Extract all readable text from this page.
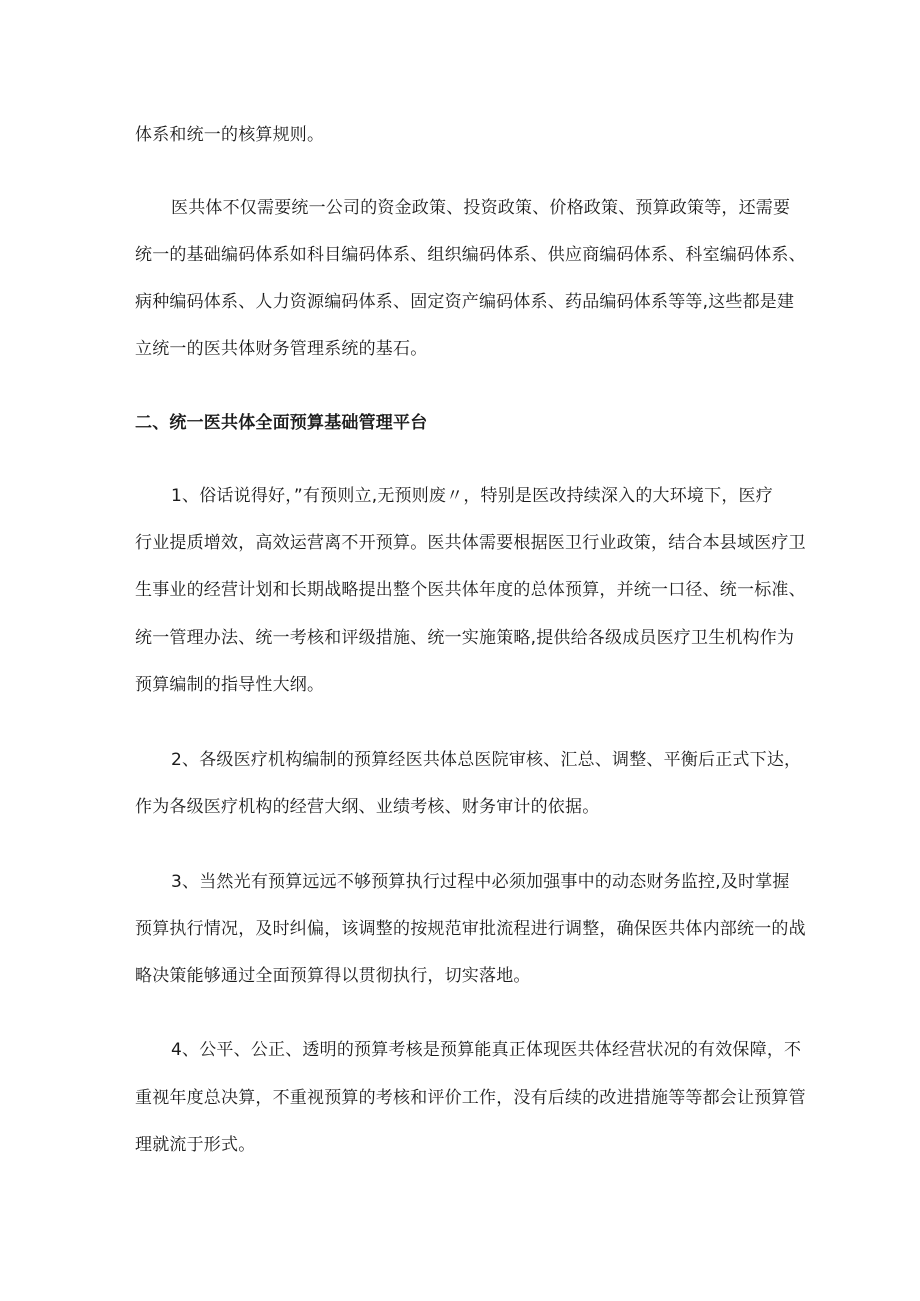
体系和统一的核算规则。
医共体不仅需要统一公司的资金政策、投资政策、价格政策、预算政策等，还需要
统一的基础编码体系如科目编码体系、组织编码体系、供应商编码体系、科室编码体系、
病种编码体系、人力资源编码体系、固定资产编码体系、药品编码体系等等,这些都是建
立统一的医共体财务管理系统的基石。
二、统一医共体全面预算基础管理平台
1、俗话说得好，”有预则立,无预则废〃，特别是医改持续深入的大环境下，医疗
行业提质增效，高效运营离不开预算。医共体需要根据医卫行业政策，结合本县域医疗卫
生事业的经营计划和长期战略提出整个医共体年度的总体预算，并统一口径、统一标准、
统一管理办法、统一考核和评级措施、统一实施策略,提供给各级成员医疗卫生机构作为
预算编制的指导性大纲。
2、各级医疗机构编制的预算经医共体总医院审核、汇总、调整、平衡后正式下达，
作为各级医疗机构的经营大纲、业绩考核、财务审计的依据。
3、当然光有预算远远不够预算执行过程中必须加强事中的动态财务监控,及时掌握
预算执行情况，及时纠偏，该调整的按规范审批流程进行调整，确保医共体内部统一的战
略决策能够通过全面预算得以贯彻执行，切实落地。
4、公平、公正、透明的预算考核是预算能真正体现医共体经营状况的有效保障，不
重视年度总决算，不重视预算的考核和评价工作，没有后续的改进措施等等都会让预算管
理就流于形式。
